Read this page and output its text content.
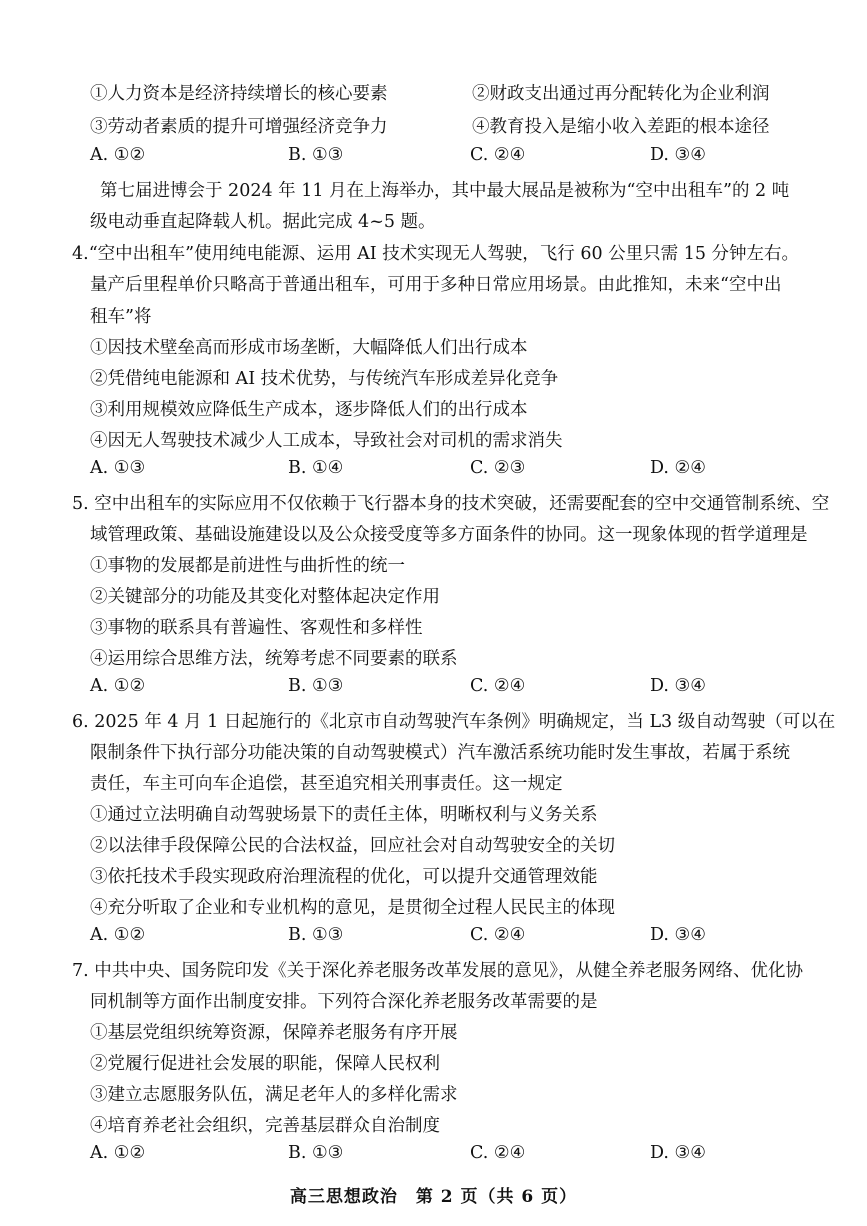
①人力资本是经济持续增长的核心要素	②财政支出通过再分配转化为企业利润
③劳动者素质的提升可增强经济竞争力	④教育投入是缩小收入差距的根本途径
A. ①②	B. ①③	C. ②④	D. ③④
第七届进博会于 2024 年 11 月在上海举办，其中最大展品是被称为“空中出租车”的 2 吨
级电动垂直起降载人机。据此完成 4~5 题。
4.“空中出租车”使用纯电能源、运用 AI 技术实现无人驾驶，飞行 60 公里只需 15 分钟左右。
量产后里程单价只略高于普通出租车，可用于多种日常应用场景。由此推知，未来“空中出
租车”将
①因技术壁垒高而形成市场垄断，大幅降低人们出行成本
②凭借纯电能源和 AI 技术优势，与传统汽车形成差异化竞争
③利用规模效应降低生产成本，逐步降低人们的出行成本
④因无人驾驶技术减少人工成本，导致社会对司机的需求消失
A. ①③	B. ①④	C. ②③	D. ②④
5. 空中出租车的实际应用不仅依赖于飞行器本身的技术突破，还需要配套的空中交通管制系统、空
域管理政策、基础设施建设以及公众接受度等多方面条件的协同。这一现象体现的哲学道理是
①事物的发展都是前进性与曲折性的统一
②关键部分的功能及其变化对整体起决定作用
③事物的联系具有普遍性、客观性和多样性
④运用综合思维方法，统筹考虑不同要素的联系
A. ①②	B. ①③	C. ②④	D. ③④
6. 2025 年 4 月 1 日起施行的《北京市自动驾驶汽车条例》明确规定，当 L3 级自动驾驶（可以在
限制条件下执行部分功能决策的自动驾驶模式）汽车激活系统功能时发生事故，若属于系统
责任，车主可向车企追偿，甚至追究相关刑事责任。这一规定
①通过立法明确自动驾驶场景下的责任主体，明晰权利与义务关系
②以法律手段保障公民的合法权益，回应社会对自动驾驶安全的关切
③依托技术手段实现政府治理流程的优化，可以提升交通管理效能
④充分听取了企业和专业机构的意见，是贯彻全过程人民民主的体现
A. ①②	B. ①③	C. ②④	D. ③④
7. 中共中央、国务院印发《关于深化养老服务改革发展的意见》，从健全养老服务网络、优化协
同机制等方面作出制度安排。下列符合深化养老服务改革需要的是
①基层党组织统筹资源，保障养老服务有序开展
②党履行促进社会发展的职能，保障人民权利
③建立志愿服务队伍，满足老年人的多样化需求
④培育养老社会组织，完善基层群众自治制度
A. ①②	B. ①③	C. ②④	D. ③④
高三思想政治　第 2 页（共 6 页）
